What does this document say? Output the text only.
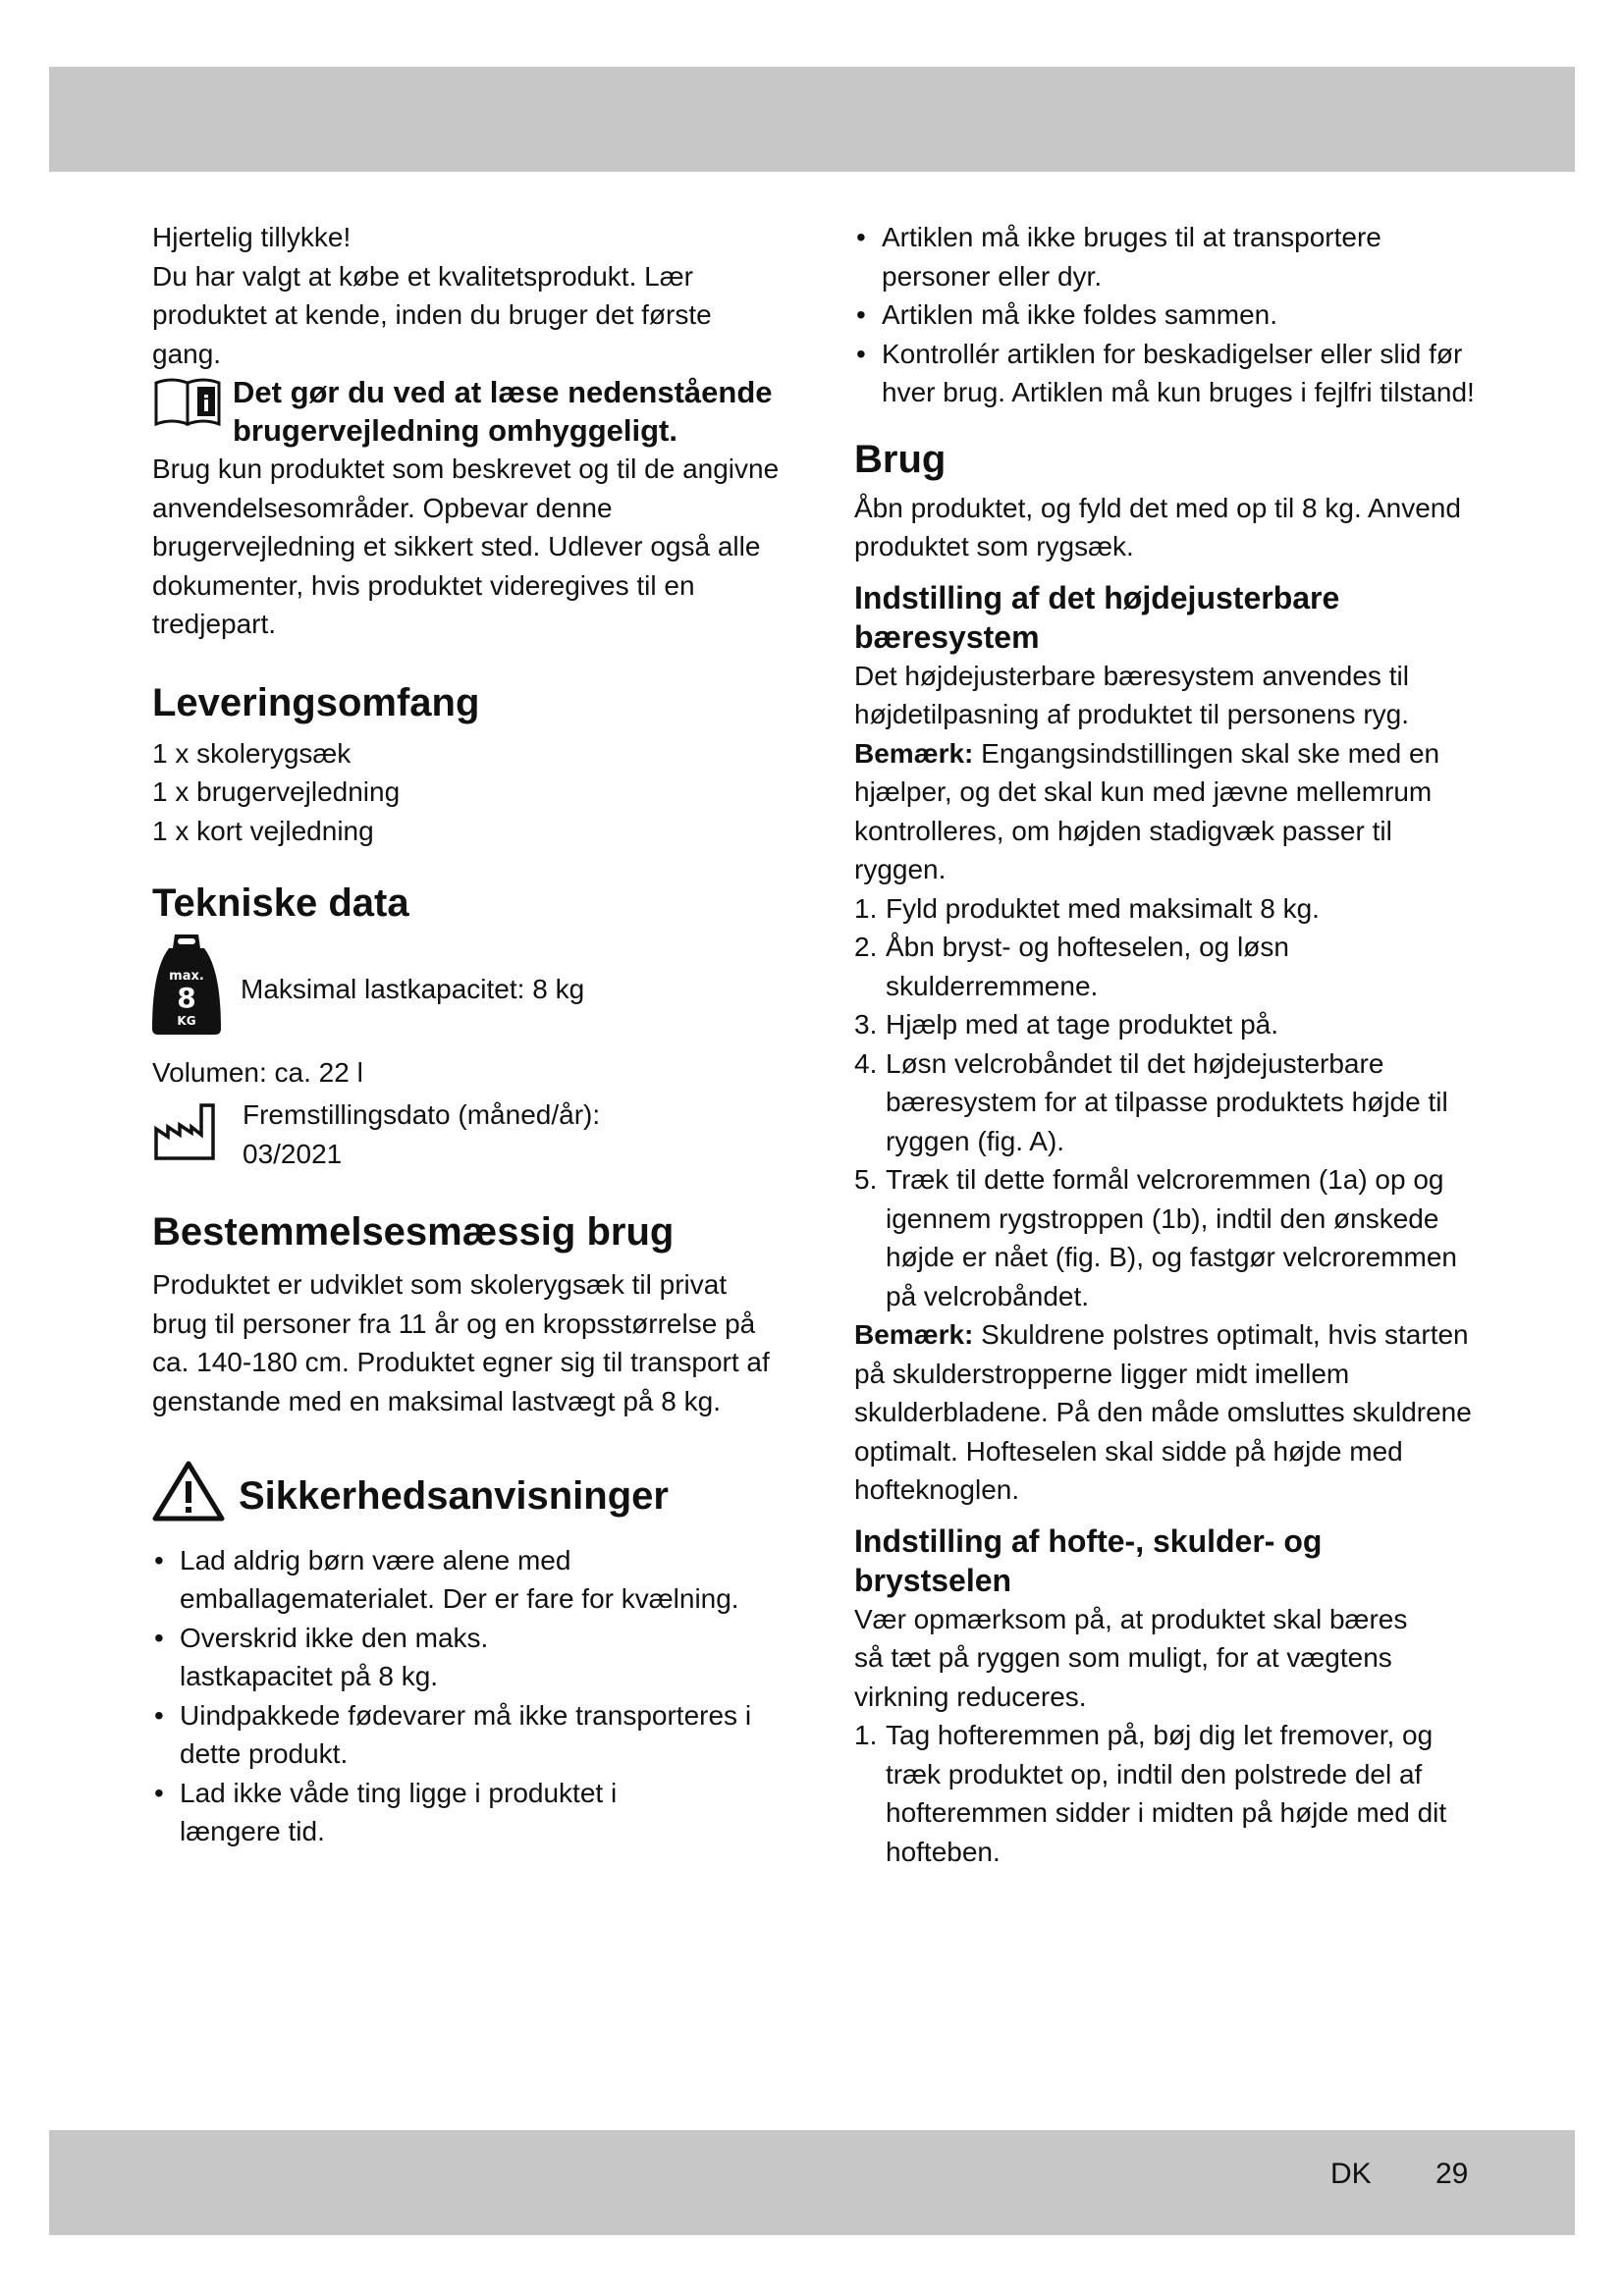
Hjertelig tillykke!

Du har valgt at købe et kvalitetsprodukt. Lær produktet at kende, inden du bruger det første gang.

i Det gør du ved at læse nedenstående brugervejledning omhyggeligt.

Brug kun produktet som beskrevet og til de angivne anvendelsesområder. Opbevar denne brugervejledning et sikkert sted. Udlever også alle dokumenter, hvis produktet videregives til en tredjepart.

Leveringsomfang
1 x skolerygsæk
1 x brugervejledning
1 x kort vejledning
Tekniske data
max.
8
KG
Maksimal lastkapacitet: 8 kg

Volumen: ca. 22 l

Fremstillingsdato (måned/år):

03/2021

Bestemmelsesmæssig brug

Produktet er udviklet som skolerygsæk til privat brug til personer fra 11 år og en kropsstørrelse på ca. 140-180 cm. Produktet egner sig til transport af genstande med en maksimal lastvægt på 8 kg.

Sikkerhedsanvisninger
• Lad aldrig børn være alene med emballagematerialet. Der er fare for kvælning.
• Overskrid ikke den maks. lastkapacitet på 8 kg.
• Uindpakkede fødevarer må ikke transporteres i dette produkt.
• Lad ikke våde ting ligge i produktet i længere tid.
• Artiklen må ikke bruges til at transportere personer eller dyr.
• Artiklen må ikke foldes sammen.
• Kontrollér artiklen for beskadigelser eller slid før hver brug. Artiklen må kun bruges i fejlfri tilstand!
Brug

Åbn produktet, og fyld det med op til 8 kg. Anvend produktet som rygsæk.

Indstilling af det højdejusterbare bæresystem

Det højdejusterbare bæresystem anvendes til højdetilpasning af produktet til personens ryg.

Bemærk: Engangsindstillingen skal ske med en hjælper, og det skal kun med jævne mellemrum kontrolleres, om højden stadigvæk passer til ryggen.

1. Fyld produktet med maksimalt 8 kg.
2. Åbn bryst- og hofteselen, og løsn skulderremmene.
3. Hjælp med at tage produktet på.
4. Løsn velcrobåndet til det højdejusterbare bæresystem for at tilpasse produktets højde til ryggen (fig. A).
5. Træk til dette formål velcroremmen (1a) op og igennem rygstroppen (1b), indtil den ønskede højde er nået (fig. B), og fastgør velcroremmen på velcrobåndet.

Bemærk: Skuldrene polstres optimalt, hvis starten på skulderstropperne ligger midt imellem skulderbladene. På den måde omsluttes skuldrene optimalt. Hofteselen skal sidde på højde med hofteknoglen.

Indstilling af hofte-, skulder- og brystselen

Vær opmærksom på, at produktet skal bæres så tæt på ryggen som muligt, for at vægtens virkning reduceres.

1. Tag hofteremmen på, bøj dig let fremover, og træk produktet op, indtil den polstrede del af hofteremmen sidder i midten på højde med dit hofteben.
DK 29
